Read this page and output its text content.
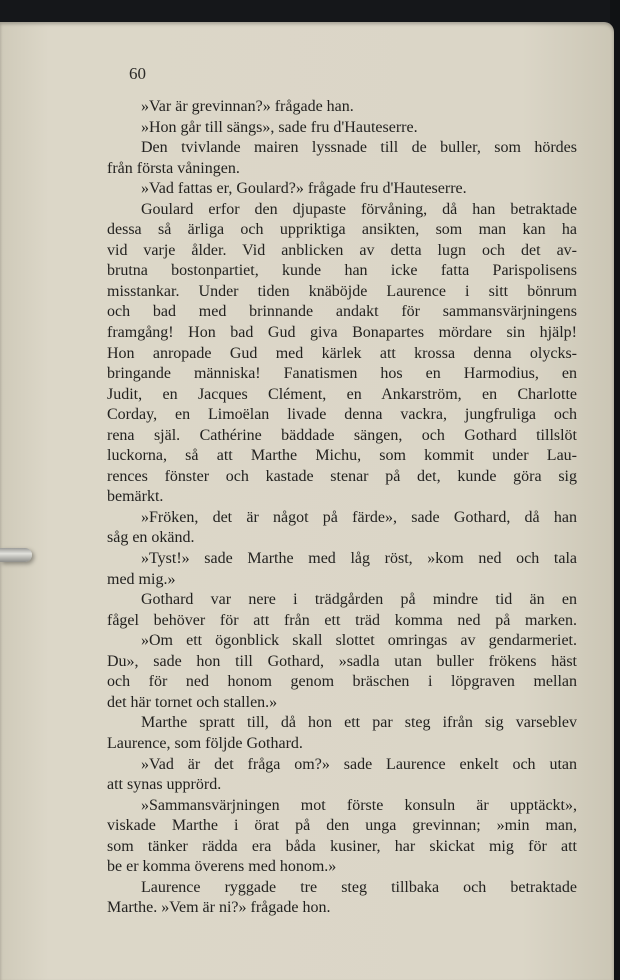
60
»Var är grevinnan?» frågade han.
»Hon går till sängs», sade fru d'Hauteserre.
Den tvivlande mairen lyssnade till de buller, som hördes
från första våningen.
»Vad fattas er, Goulard?» frågade fru d'Hauteserre.
Goulard erfor den djupaste förvåning, då han betraktade
dessa så ärliga och uppriktiga ansikten, som man kan ha
vid varje ålder. Vid anblicken av detta lugn och det av-
brutna bostonpartiet, kunde han icke fatta Parispolisens
misstankar. Under tiden knäböjde Laurence i sitt bönrum
och bad med brinnande andakt för sammansvärjningens
framgång! Hon bad Gud giva Bonapartes mördare sin hjälp!
Hon anropade Gud med kärlek att krossa denna olycks-
bringande människa! Fanatismen hos en Harmodius, en
Judit, en Jacques Clément, en Ankarström, en Charlotte
Corday, en Limoëlan livade denna vackra, jungfruliga och
rena själ. Cathérine bäddade sängen, och Gothard tillslöt
luckorna, så att Marthe Michu, som kommit under Lau-
rences fönster och kastade stenar på det, kunde göra sig
bemärkt.
»Fröken, det är något på färde», sade Gothard, då han
såg en okänd.
»Tyst!» sade Marthe med låg röst, »kom ned och tala
med mig.»
Gothard var nere i trädgården på mindre tid än en
fågel behöver för att från ett träd komma ned på marken.
»Om ett ögonblick skall slottet omringas av gendarmeriet.
Du», sade hon till Gothard, »sadla utan buller frökens häst
och för ned honom genom bräschen i löpgraven mellan
det här tornet och stallen.»
Marthe spratt till, då hon ett par steg ifrån sig varseblev
Laurence, som följde Gothard.
»Vad är det fråga om?» sade Laurence enkelt och utan
att synas upprörd.
»Sammansvärjningen mot förste konsuln är upptäckt»,
viskade Marthe i örat på den unga grevinnan; »min man,
som tänker rädda era båda kusiner, har skickat mig för att
be er komma överens med honom.»
Laurence ryggade tre steg tillbaka och betraktade
Marthe. »Vem är ni?» frågade hon.
